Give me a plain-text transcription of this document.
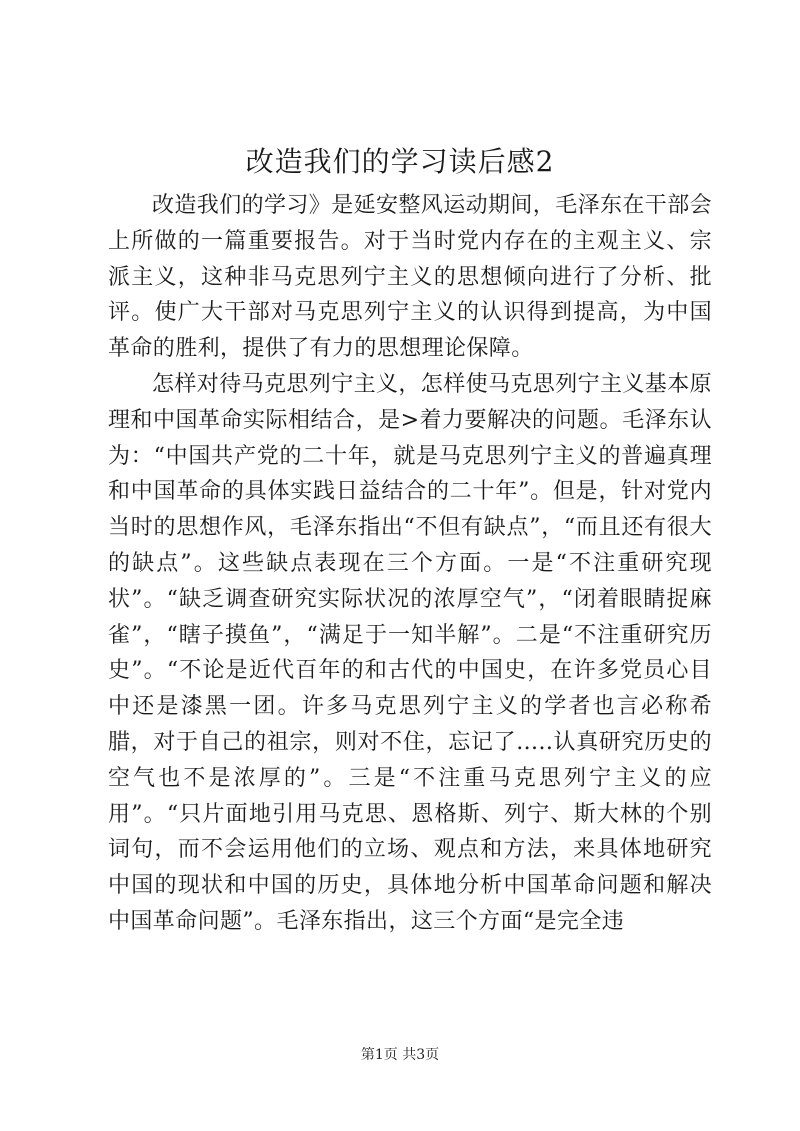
改造我们的学习读后感2

改造我们的学习》是延安整风运动期间，毛泽东在干部会上所做的一篇重要报告。对于当时党内存在的主观主义、宗派主义，这种非马克思列宁主义的思想倾向进行了分析、批评。使广大干部对马克思列宁主义的认识得到提高，为中国革命的胜利，提供了有力的思想理论保障。

怎样对待马克思列宁主义，怎样使马克思列宁主义基本原理和中国革命实际相结合，是>着力要解决的问题。毛泽东认为：“中国共产党的二十年，就是马克思列宁主义的普遍真理和中国革命的具体实践日益结合的二十年”。但是，针对党内当时的思想作风，毛泽东指出“不但有缺点”，“而且还有很大的缺点”。这些缺点表现在三个方面。一是“不注重研究现状”。“缺乏调查研究实际状况的浓厚空气”，“闭着眼睛捉麻雀”，“瞎子摸鱼”，“满足于一知半解”。二是“不注重研究历史”。“不论是近代百年的和古代的中国史，在许多党员心目中还是漆黑一团。许多马克思列宁主义的学者也言必称希腊，对于自己的祖宗，则对不住，忘记了.....认真研究历史的空气也不是浓厚的”。三是“不注重马克思列宁主义的应用”。“只片面地引用马克思、恩格斯、列宁、斯大林的个别词句，而不会运用他们的立场、观点和方法，来具体地研究中国的现状和中国的历史，具体地分析中国革命问题和解决中国革命问题”。毛泽东指出，这三个方面“是完全违

第1页 共3页
